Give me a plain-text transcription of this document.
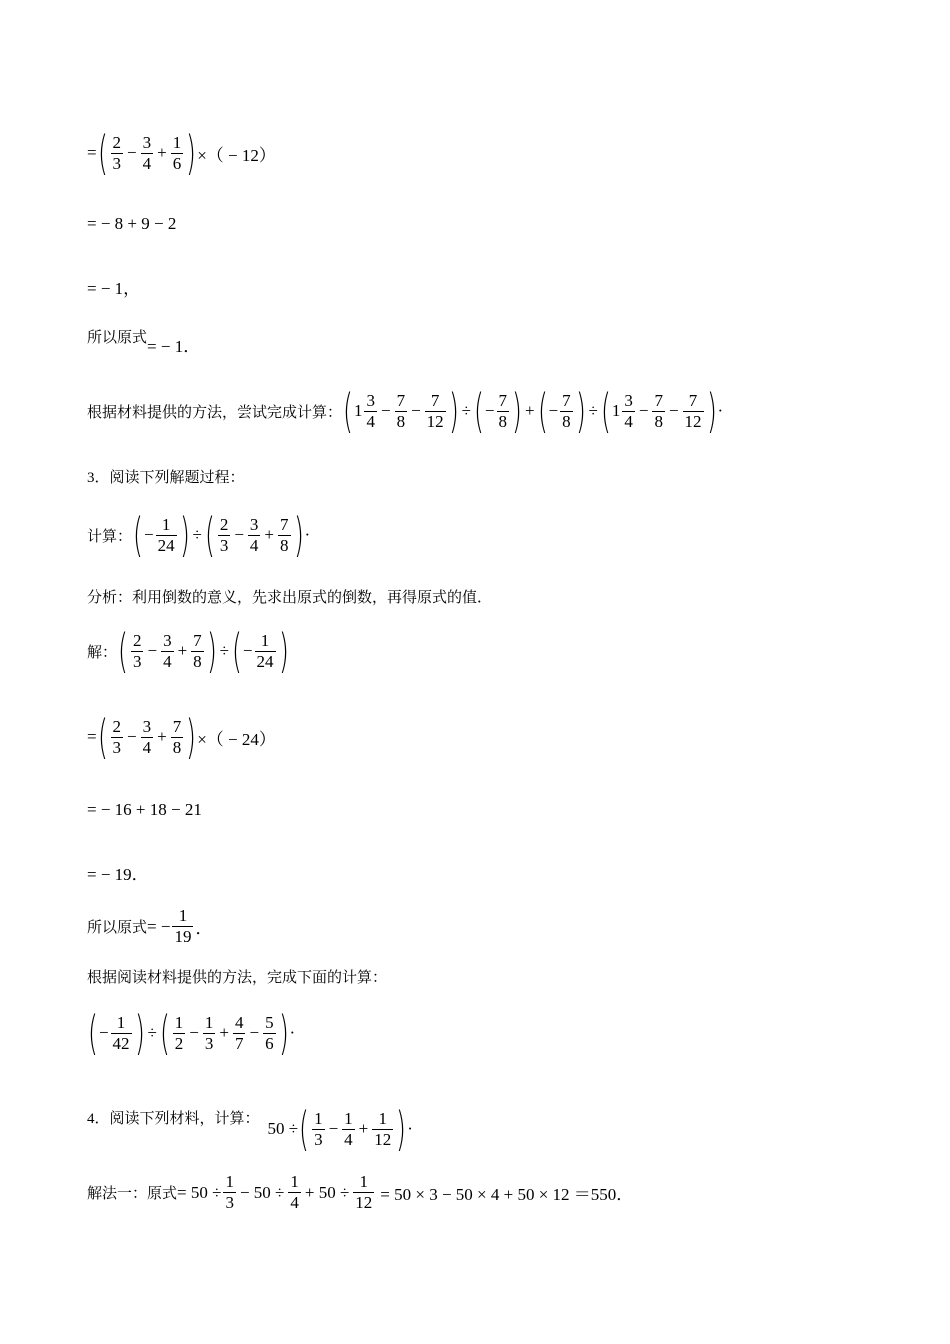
= ( $\frac{2}{3} - \frac{3}{4} + \frac{1}{6}$ ) ×（ − 12）
= − 8 + 9 − 2
= − 1，
所以原式 = − 1．
根据材料提供的方法，尝试完成计算： ( $1 \frac{3}{4} - \frac{7}{8} - \frac{7}{12}$ ) ÷ ( − $\frac{7}{8}$ ) + ( − $\frac{7}{8}$ ) ÷ ( $1 \frac{3}{4} - \frac{7}{8} - \frac{7}{12}$ ) ·
3． 阅读下列解题过程：
计算： ( − $\frac{1}{24}$ ) ÷ ( $\frac{2}{3} - \frac{3}{4} + \frac{7}{8}$ ) ·
分析：利用倒数的意义，先求出原式的倒数，再得原式的值．
解： ( $\frac{2}{3} - \frac{3}{4} + \frac{7}{8}$ ) ÷ ( − $\frac{1}{24}$ )
= ( $\frac{2}{3} - \frac{3}{4} + \frac{7}{8}$ ) ×（ − 24）
= − 16 + 18 − 21
= − 19．
所以原式 = − $\frac{1}{19}$ ．
根据阅读材料提供的方法，完成下面的计算：
( − $\frac{1}{42}$ ) ÷ ( $\frac{1}{2} - \frac{1}{3} + \frac{4}{7} - \frac{5}{6}$ ) ·
4． 阅读下列材料，计算：
50 ÷ ( $\frac{1}{3} - \frac{1}{4} + \frac{1}{12}$ ) ·
解法一：原式 = $50 \div \frac{1}{3} - 50 \div \frac{1}{4} + 50 \div \frac{1}{12} = 50 \times 3 - 50 \times 4 + 50 \times 12 =550$．
